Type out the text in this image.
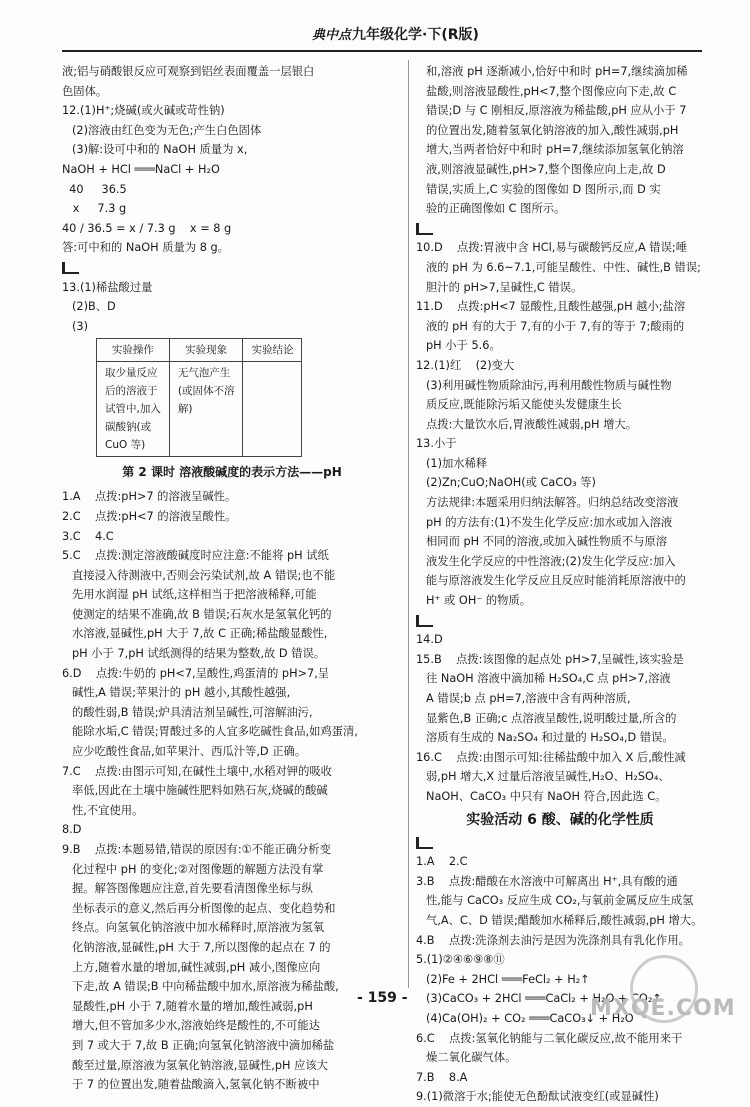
典中点 九年级化学·下(R版)
液;铝与硝酸银反应可观察到铝丝表面覆盖一层银白
色固体。
12.(1)H⁺;烧碱(或火碱或苛性钠)
(2)溶液由红色变为无色;产生白色固体
(3)解:设可中和的 NaOH 质量为 x,
NaOH + HCl ═══NaCl + H₂O
40     36.5
x     7.3 g
40 / 36.5 = x / 7.3 g    x = 8 g
答:可中和的 NaOH 质量为 8 g。
13.(1)稀盐酸过量
(2)B、D
(3)
实验操作	实验现象	实验结论
取少量反应
后的溶液于
试管中,加入
碳酸钠(或
CuO 等)	无气泡产生
(或固体不溶
解)	
第 2 课时 溶液酸碱度的表示方法——pH
1.A    点拨:pH>7 的溶液呈碱性。
2.C    点拨:pH<7 的溶液呈酸性。
3.C    4.C
5.C    点拨:测定溶液酸碱度时应注意:不能将 pH 试纸
直接浸入待测液中,否则会污染试剂,故 A 错误;也不能
先用水润湿 pH 试纸,这样相当于把溶液稀释,可能
使测定的结果不准确,故 B 错误;石灰水是氢氧化钙的
水溶液,显碱性,pH 大于 7,故 C 正确;稀盐酸显酸性,
pH 小于 7,pH 试纸测得的结果为整数,故 D 错误。
6.D    点拨:牛奶的 pH<7,呈酸性,鸡蛋清的 pH>7,呈
碱性,A 错误;苹果汁的 pH 越小,其酸性越强,
的酸性弱,B 错误;炉具清洁剂呈碱性,可溶解油污,
能除水垢,C 错误;胃酸过多的人宜多吃碱性食品,如鸡蛋清,
应少吃酸性食品,如苹果汁、西瓜汁等,D 正确。
7.C    点拨:由图示可知,在碱性土壤中,水稻对钾的吸收
率低,因此在土壤中施碱性肥料如熟石灰,烧碱的酸碱
性,不宜使用。
8.D
9.B    点拨:本题易错,错误的原因有:①不能正确分析变
化过程中 pH 的变化;②对图像题的解题方法没有掌
握。解答图像题应注意,首先要看清图像坐标与纵
坐标表示的意义,然后再分析图像的起点、变化趋势和
终点。向氢氧化钠溶液中加水稀释时,原溶液为氢氧
化钠溶液,显碱性,pH 大于 7,所以图像的起点在 7 的
上方,随着水量的增加,碱性减弱,pH 减小,图像应向
下走,故 A 错误;B 中向稀盐酸中加水,原溶液为稀盐酸,
显酸性,pH 小于 7,随着水量的增加,酸性减弱,pH
增大,但不管加多少水,溶液始终是酸性的,不可能达
到 7 或大于 7,故 B 正确;向氢氧化钠溶液中滴加稀盐
酸至过量,原溶液为氢氧化钠溶液,显碱性,pH 应该大
于 7 的位置出发,随着盐酸滴入,氢氧化钠不断被中
和,溶液 pH 逐渐减小,恰好中和时 pH=7,继续滴加稀
盐酸,则溶液显酸性,pH<7,整个图像应向下走,故 C
错误;D 与 C 刚相反,原溶液为稀盐酸,pH 应从小于 7
的位置出发,随着氢氧化钠溶液的加入,酸性减弱,pH
增大,当两者恰好中和时 pH=7,继续添加氢氧化钠溶
液,则溶液显碱性,pH>7,整个图像应向上走,故 D
错误,实质上,C 实验的图像如 D 图所示,而 D 实
验的正确图像如 C 图所示。
10.D    点拨:胃液中含 HCl,易与碳酸钙反应,A 错误;唾
液的 pH 为 6.6~7.1,可能呈酸性、中性、碱性,B 错误;
胆汁的 pH>7,呈碱性,C 错误。
11.D    点拨:pH<7 显酸性,且酸性越强,pH 越小;盐溶
液的 pH 有的大于 7,有的小于 7,有的等于 7;酸雨的
pH 小于 5.6。
12.(1)红    (2)变大
(3)利用碱性物质除油污,再利用酸性物质与碱性物
质反应,既能除污垢又能使头发健康生长
点拨:大量饮水后,胃液酸性减弱,pH 增大。
13.小于
(1)加水稀释
(2)Zn;CuO;NaOH(或 CaCO₃ 等)
方法规律:本题采用归纳法解答。归纳总结改变溶液
pH 的方法有:(1)不发生化学反应:加水或加入溶液
相同而 pH 不同的溶液,或加入碱性物质不与原溶
液发生化学反应的中性溶液;(2)发生化学反应:加入
能与原溶液发生化学反应且反应时能消耗原溶液中的
H⁺ 或 OH⁻ 的物质。
14.D
15.B    点拨:该图像的起点处 pH>7,呈碱性,该实验是
往 NaOH 溶液中滴加稀 H₂SO₄,C 点 pH>7,溶液
A 错误;b 点 pH=7,溶液中含有两种溶质,
显紫色,B 正确;c 点溶液呈酸性,说明酸过量,所含的
溶质有生成的 Na₂SO₄ 和过量的 H₂SO₄,D 错误。
16.C    点拨:由图示可知:往稀盐酸中加入 X 后,酸性减
弱,pH 增大,X 过量后溶液呈碱性,H₂O、H₂SO₄、
NaOH、CaCO₃ 中只有 NaOH 符合,因此选 C。
实验活动 6 酸、碱的化学性质
1.A    2.C
3.B    点拨:醋酸在水溶液中可解离出 H⁺,具有酸的通
性,能与 CaCO₃ 反应生成 CO₂,与氧前金属反应生成氢
气,A、C、D 错误;醋酸加水稀释后,酸性减弱,pH 增大。
4.B    点拨:洗涤剂去油污是因为洗涤剂具有乳化作用。
5.(1)②④⑥⑨⑧⑪
(2)Fe + 2HCl ═══FeCl₂ + H₂↑
(3)CaCO₃ + 2HCl ═══CaCl₂ + H₂O + CO₂↑
(4)Ca(OH)₂ + CO₂ ═══CaCO₃↓ + H₂O
6.C    点拨:氢氧化钠能与二氧化碳反应,故不能用来干
燥二氧化碳气体。
7.B    8.A
9.(1)微溶于水;能使无色酚酞试液变红(或显碱性)
- 159 -	MXQE.COM
